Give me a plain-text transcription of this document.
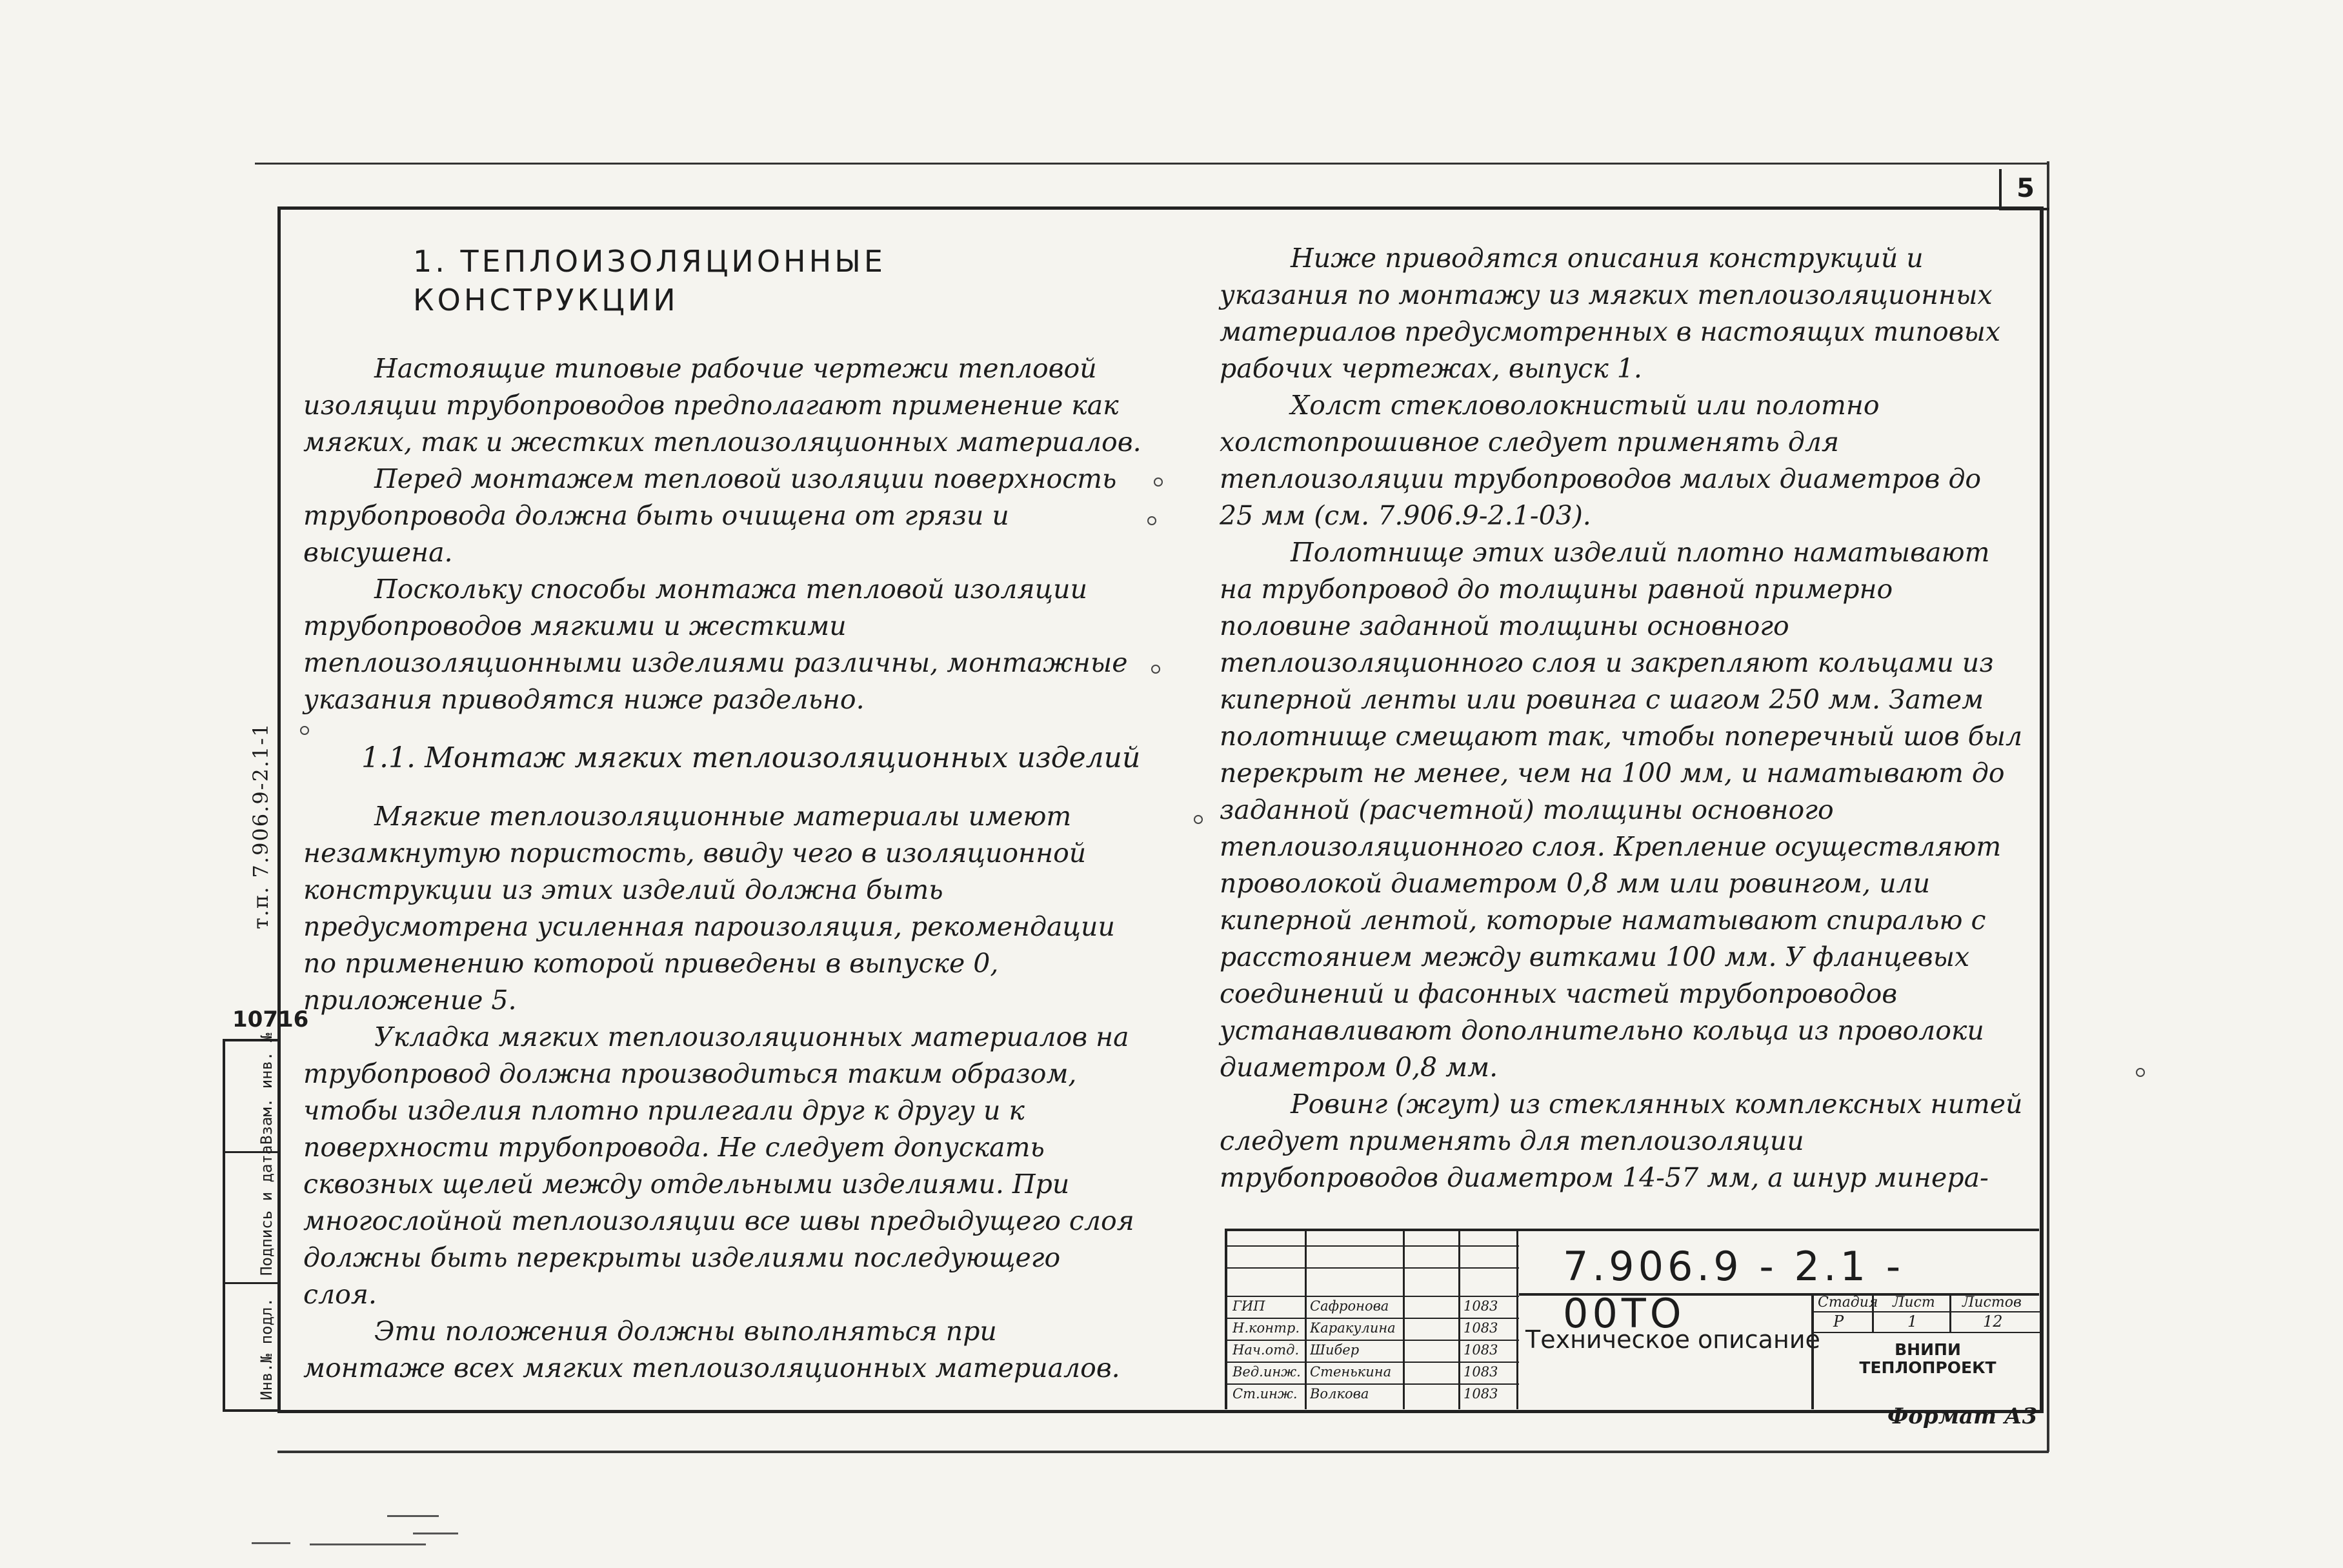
5
1. ТЕПЛОИЗОЛЯЦИОННЫЕ КОНСТРУКЦИИ

Настоящие типовые рабочие чертежи тепловой изоляции трубопроводов предполагают применение как мягких, так и жестких теплоизоляционных материалов.

Перед монтажем тепловой изоляции поверхность трубопровода должна быть очищена от грязи и высушена.

Поскольку способы монтажа тепловой изоляции трубопроводов мягкими и жесткими теплоизоляционными изделиями различны, монтажные указания приводятся ниже раздельно.

1.1. Монтаж мягких теплоизоляционных изделий

Мягкие теплоизоляционные материалы имеют незамкнутую пористость, ввиду чего в изоляционной конструкции из этих изделий должна быть предусмотрена усиленная пароизоляция, рекомендации по применению которой приведены в выпуске 0, приложение 5.

Укладка мягких теплоизоляционных материалов на трубопровод должна производиться таким образом, чтобы изделия плотно прилегали друг к другу и к поверхности трубопровода. Не следует допускать сквозных щелей между отдельными изделиями. При многослойной теплоизоляции все швы предыдущего слоя должны быть перекрыты изделиями последующего слоя.

Эти положения должны выполняться при монтаже всех мягких теплоизоляционных материалов.

Ниже приводятся описания конструкций и указания по монтажу из мягких теплоизоляционных материалов предусмотренных в настоящих типовых рабочих чертежах, выпуск 1.

Холст стекловолокнистый или полотно холстопрошивное следует применять для теплоизоляции трубопроводов малых диаметров до 25 мм (см. 7.906.9-2.1-03).

Полотнище этих изделий плотно наматывают на трубопровод до толщины равной примерно половине заданной толщины основного теплоизоляционного слоя и закрепляют кольцами из киперной ленты или ровинга с шагом 250 мм. Затем полотнище смещают так, чтобы поперечный шов был перекрыт не менее, чем на 100 мм, и наматывают до заданной (расчетной) толщины основного теплоизоляционного слоя. Крепление осуществляют проволокой диаметром 0,8 мм или ровингом, или киперной лентой, которые наматывают спиралью с расстоянием между витками 100 мм. У фланцевых соединений и фасонных частей трубопроводов устанавливают дополнительно кольца из проволоки диаметром 0,8 мм.

Ровинг (жгут) из стеклянных комплексных нитей следует применять для теплоизоляции трубопроводов диаметром 14-57 мм, а шнур минера-

т.п. 7.906.9-2.1-1
10716
Взам. инв. №
Подпись и дата
Инв.№ подл.	ГИП	Сафронова	1083
Н.контр. Каракулина	1083
Нач.отд. Шибер	1083
Вед.инж. Стенькина	1083
Ст.инж. Волкова	1083
7.906.9 - 2.1 - 00ТО
Техническое описание
Стадия Лист Листов
Р	1	12
ВНИПИ
ТЕПЛОПРОЕКТ
Формат А3
